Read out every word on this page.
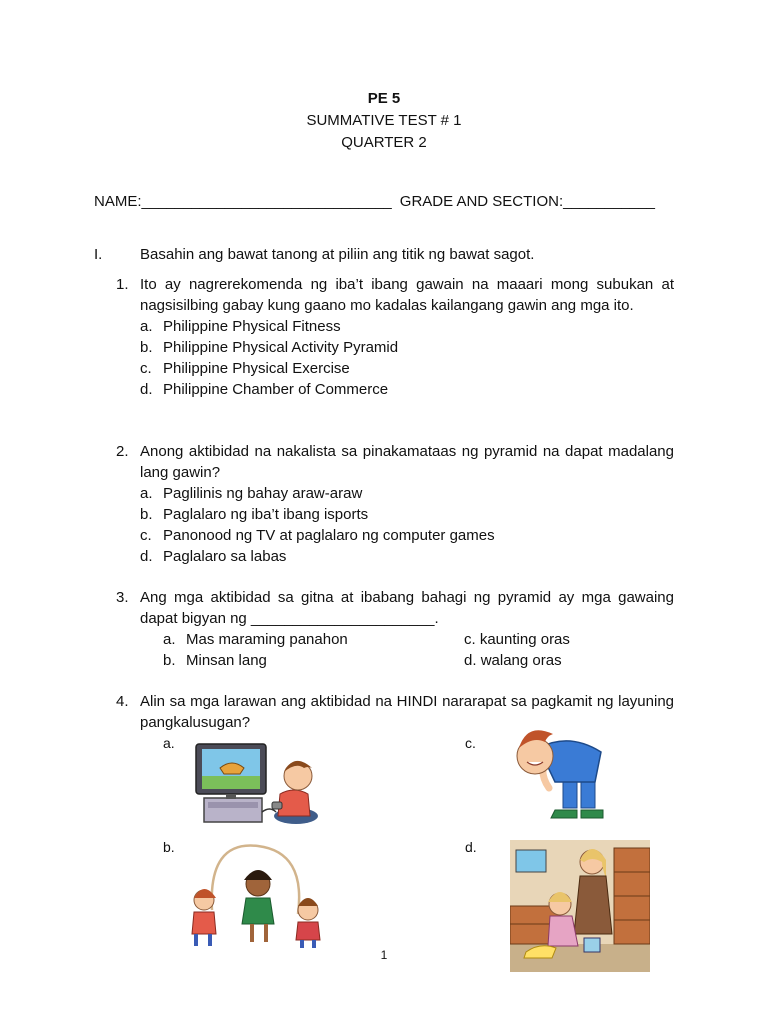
PE 5
SUMMATIVE TEST # 1
QUARTER 2
NAME:______________________________ GRADE AND SECTION:___________
I.	Basahin ang bawat tanong at piliin ang titik ng bawat sagot.
1. Ito ay nagrerekomenda ng iba’t ibang gawain na maaari mong subukan at nagsisilbing gabay kung gaano mo kadalas kailangang gawin ang mga ito.
a. Philippine Physical Fitness
b. Philippine Physical Activity Pyramid
c. Philippine Physical Exercise
d. Philippine Chamber of Commerce
2. Anong aktibidad na nakalista sa pinakamataas ng pyramid na dapat madalang lang gawin?
a. Paglilinis ng bahay araw-araw
b. Paglalaro ng iba’t ibang isports
c. Panonood ng TV at paglalaro ng computer games
d. Paglalaro sa labas
3. Ang mga aktibidad sa gitna at ibabang bahagi ng pyramid ay mga gawaing dapat bigyan ng ______________________.
a. Mas maraming panahon	c. kaunting oras
b. Minsan lang	d. walang oras
4. Alin sa mga larawan ang aktibidad na HINDI nararapat sa pagkamit ng layuning pangkalusugan?
a.	c.
b.	d.
1
